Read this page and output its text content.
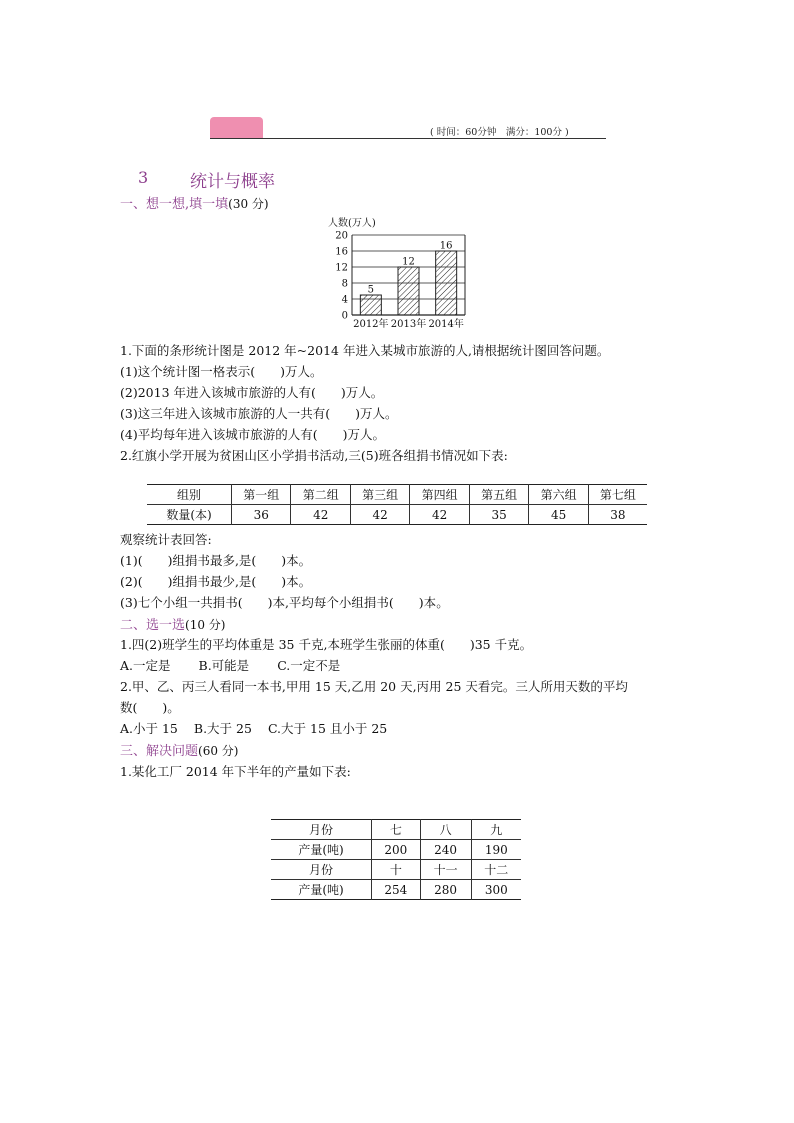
( 时间：60分钟　满分：100分 )
3 统计与概率
一、想一想,填一填(30 分)
人数(万人)
0
4
8
12
16
20
5
12
16
2012年 2013年 2014年
1.下面的条形统计图是 2012 年~2014 年进入某城市旅游的人,请根据统计图回答问题。
(1)这个统计图一格表示(　　)万人。
(2)2013 年进入该城市旅游的人有(　　)万人。
(3)这三年进入该城市旅游的人一共有(　　)万人。
(4)平均每年进入该城市旅游的人有(　　)万人。
2.红旗小学开展为贫困山区小学捐书活动,三(5)班各组捐书情况如下表:
组别	第一组	第二组	第三组	第四组	第五组	第六组	第七组
数量(本)	36	42	42	42	35	45	38
观察统计表回答:
(1)(　　)组捐书最多,是(　　)本。
(2)(　　)组捐书最少,是(　　)本。
(3)七个小组一共捐书(　　)本,平均每个小组捐书(　　)本。
二、选一选(10 分)
1.四(2)班学生的平均体重是 35 千克,本班学生张丽的体重(　　)35 千克。
A.一定是 B.可能是 C.一定不是
2.甲、乙、丙三人看同一本书,甲用 15 天,乙用 20 天,丙用 25 天看完。三人所用天数的平均
数(　　)。
A.小于 15 B.大于 25 C.大于 15 且小于 25
三、解决问题(60 分)
1.某化工厂 2014 年下半年的产量如下表:
月份	七	八	九
产量(吨)	200	240	190
月份	十	十一	十二
产量(吨)	254	280	300
